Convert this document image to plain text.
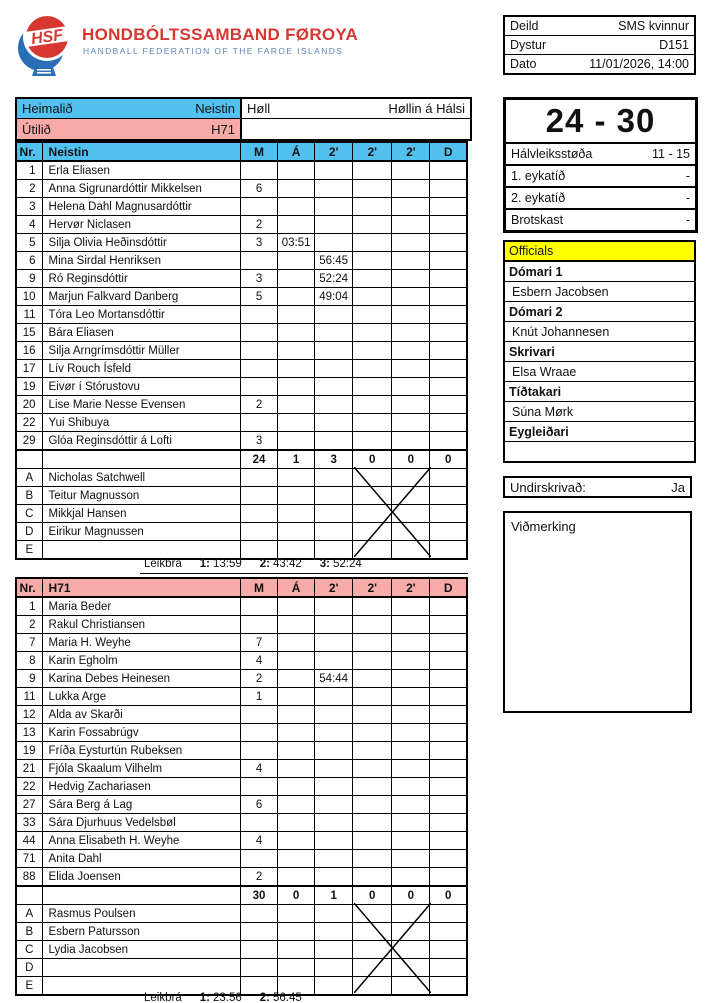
HSF HONDBÓLTSSAMBAND FØROYA
HANDBALL FEDERATION OF THE FAROE ISLANDS
Deild	SMS kvinnur
Dystur	D151
Dato	11/01/2026, 14:00
Heimalið	Neistin Høll	Høllin á Hálsi
Útilið	H71
Nr.	Neistin	M	Á	2'	2'	2'	D
1	Erla Eliasen						
2	Anna Sigrunardóttir Mikkelsen	6					
3	Helena Dahl Magnusardóttir						
4	Hervør Niclasen	2					
5	Silja Olivia Heðinsdóttir	3	03:51				
6	Mina Sirdal Henriksen			56:45			
9	Ró Reginsdóttir	3		52:24			
10	Marjun Falkvard Danberg	5		49:04			
11	Tóra Leo Mortansdóttir						
15	Bára Eliasen						
16	Silja Arngrímsdóttir Müller						
17	Lív Rouch Ísfeld						
19	Eivør í Stórustovu						
20	Lise Marie Nesse Evensen	2					
22	Yui Shibuya						
29	Glóa Reginsdóttir á Lofti	3					
		24	1	3	0	0	0
A	Nicholas Satchwell						
B	Teitur Magnusson						
C	Mikkjal Hansen						
D	Eirikur Magnussen						
E							
Leikbrá 1: 13:59 2: 43:42 3: 52:24
Nr.	H71	M	Á	2'	2'	2'	D
1	Maria Beder						
2	Rakul Christiansen						
7	Maria H. Weyhe	7					
8	Karin Egholm	4					
9	Karina Debes Heinesen	2		54:44			
11	Lukka Arge	1					
12	Alda av Skarði						
13	Karin Fossabrúgv						
19	Fríða Eysturtún Rubeksen						
21	Fjóla Skaalum Vilhelm	4					
22	Hedvig Zachariasen						
27	Sára Berg á Lag	6					
33	Sára Djurhuus Vedelsbøl						
44	Anna Elisabeth H. Weyhe	4					
71	Anita Dahl						
88	Elida Joensen	2					
		30	0	1	0	0	0
A	Rasmus Poulsen						
B	Esbern Patursson						
C	Lydia Jacobsen						
D							
E							
Leikbrá 1: 23:56 2: 56:45
24 - 30
Hálvleiksstøða	11 - 15
1. eykatíð	-
2. eykatíð	-
Brotskast	-
Officials
Dómari 1
Esbern Jacobsen
Dómari 2
Knút Johannesen
Skrivari
Elsa Wraae
Tíðtakari
Súna Mørk
Eygleiðari
Undirskrivað:	Ja
Viðmerking
